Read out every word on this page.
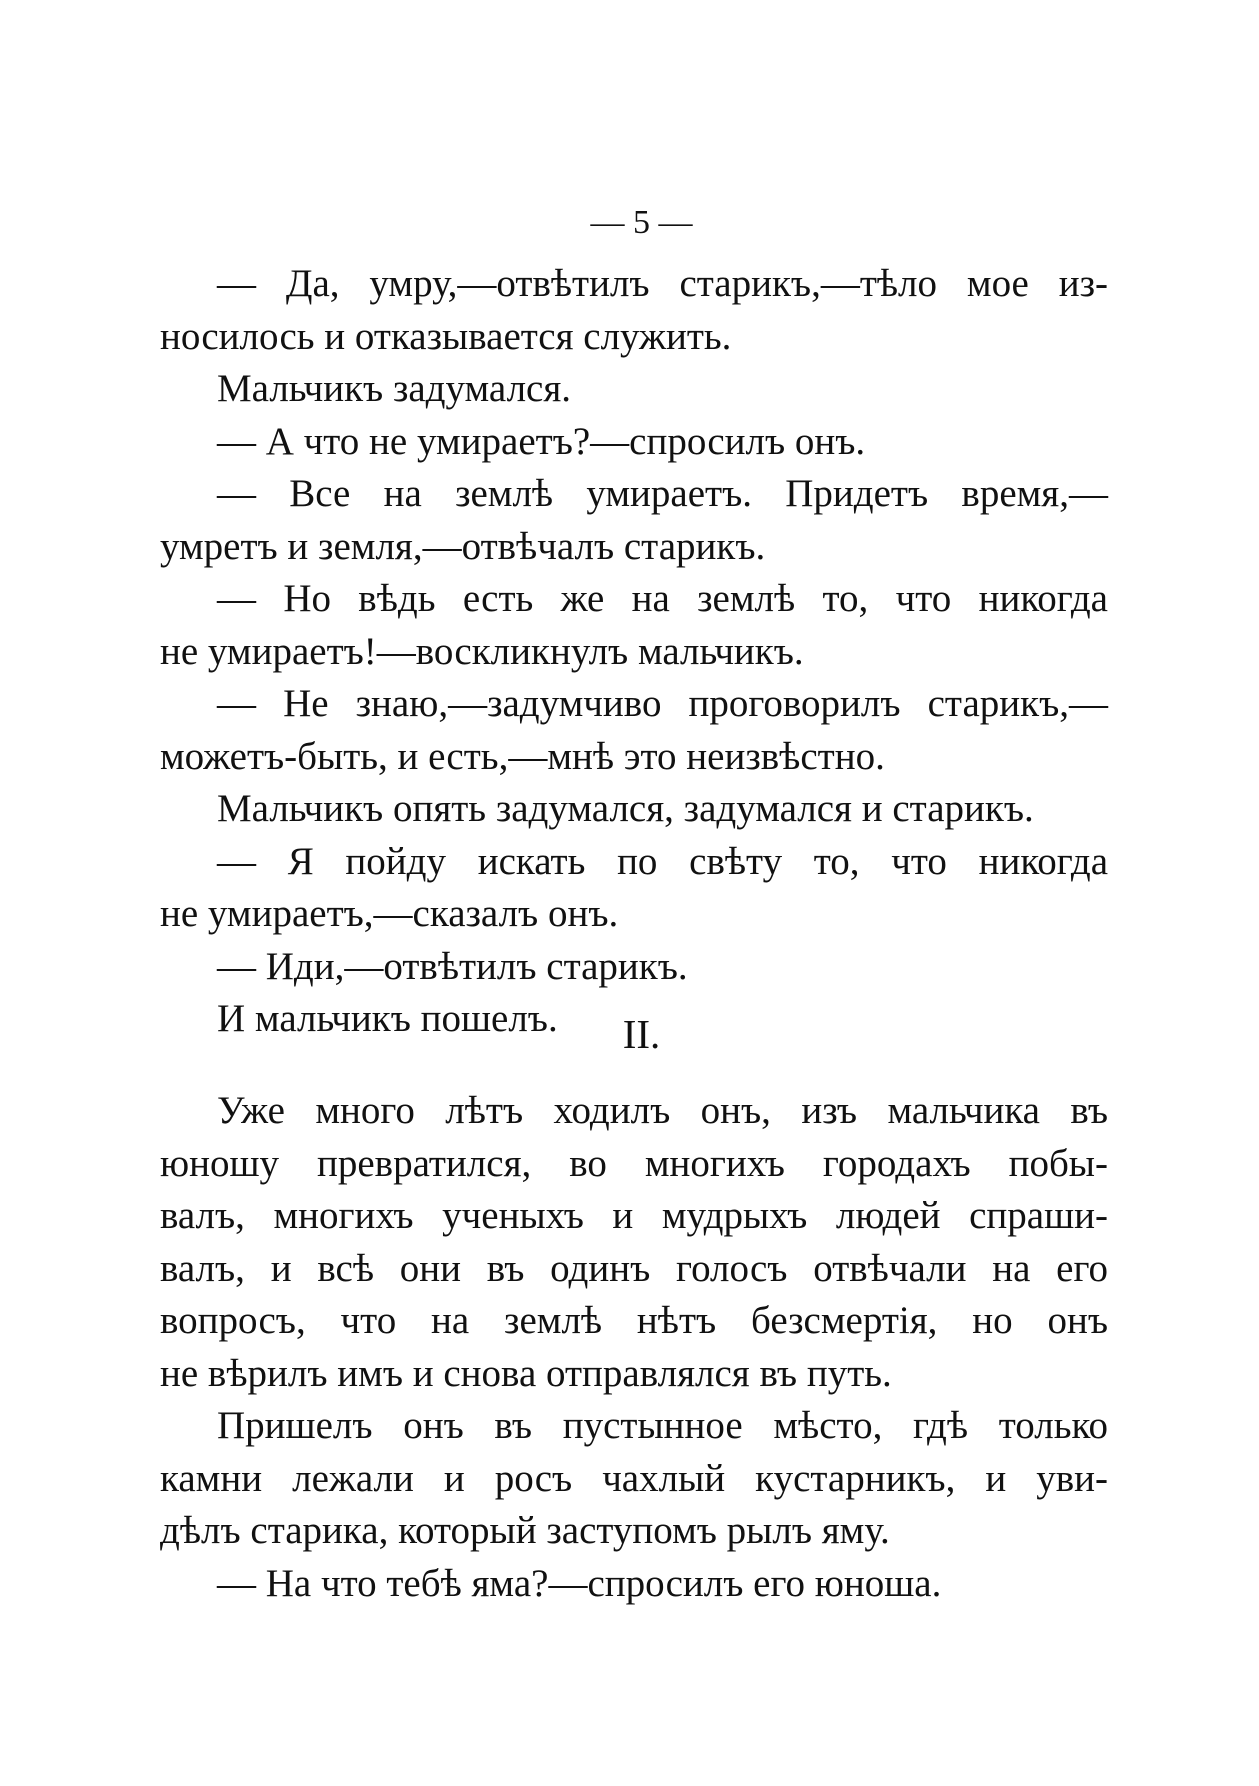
— 5 —
— Да, умру,—отвѣтилъ старикъ,—тѣло мое из-
носилось и отказывается служить.
Мальчикъ задумался.
— А что не умираетъ?—спросилъ онъ.
— Все на землѣ умираетъ. Придетъ время,—
умретъ и земля,—отвѣчалъ старикъ.
— Но вѣдь есть же на землѣ то, что никогда
не умираетъ!—воскликнулъ мальчикъ.
— Не знаю,—задумчиво проговорилъ старикъ,—
можетъ-быть, и есть,—мнѣ это неизвѣстно.
Мальчикъ опять задумался, задумался и старикъ.
— Я пойду искать по свѣту то, что никогда
не умираетъ,—сказалъ онъ.
— Иди,—отвѣтилъ старикъ.
И мальчикъ пошелъ.	II.
Уже много лѣтъ ходилъ онъ, изъ мальчика въ
юношу превратился, во многихъ городахъ побы-
валъ, многихъ ученыхъ и мудрыхъ людей спраши-
валъ, и всѣ они въ одинъ голосъ отвѣчали на его
вопросъ, что на землѣ нѣтъ безсмертія, но онъ
не вѣрилъ имъ и снова отправлялся въ путь.
Пришелъ онъ въ пустынное мѣсто, гдѣ только
камни лежали и росъ чахлый кустарникъ, и уви-
дѣлъ старика, который заступомъ рылъ яму.
— На что тебѣ яма?—спросилъ его юноша.
